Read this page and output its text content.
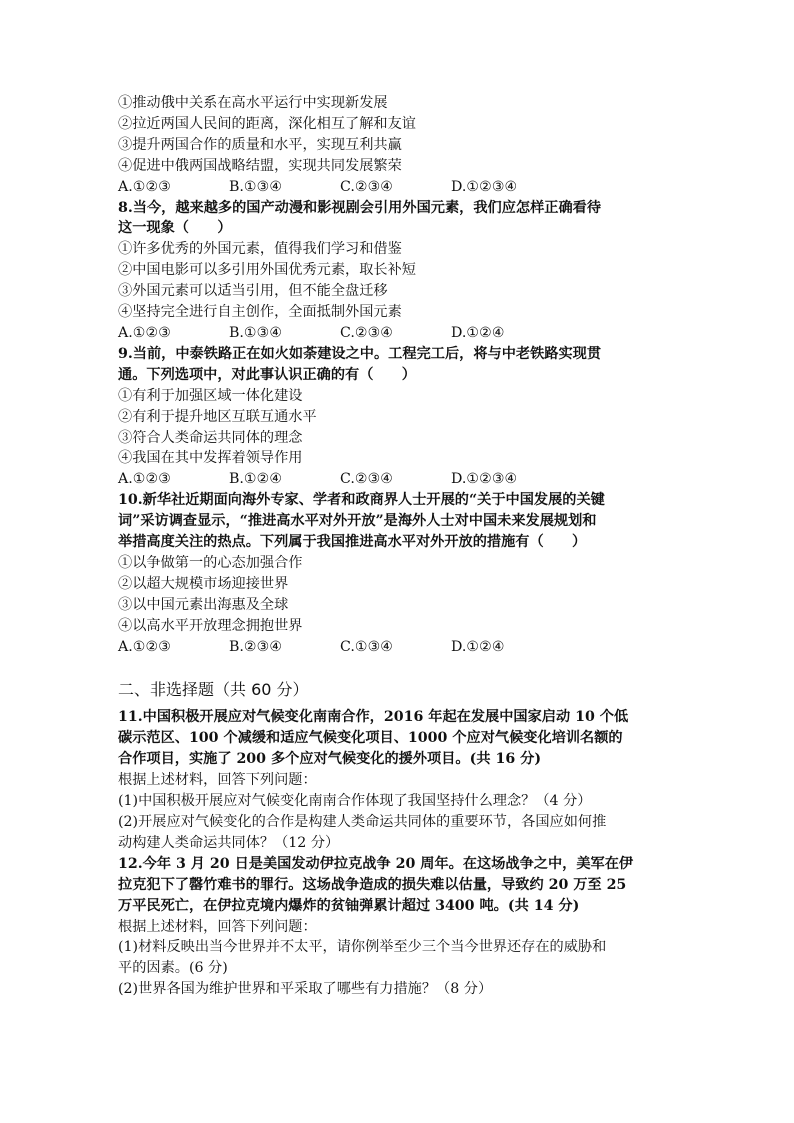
①推动俄中关系在高水平运行中实现新发展
②拉近两国人民间的距离，深化相互了解和友谊
③提升两国合作的质量和水平，实现互利共赢
④促进中俄两国战略结盟，实现共同发展繁荣
A.①②③	B.①③④	C.②③④	D.①②③④
8.当今，越来越多的国产动漫和影视剧会引用外国元素，我们应怎样正确看待
这一现象（　　）
①许多优秀的外国元素，值得我们学习和借鉴
②中国电影可以多引用外国优秀元素，取长补短
③外国元素可以适当引用，但不能全盘迁移
④坚持完全进行自主创作，全面抵制外国元素
A.①②③	B.①③④	C.②③④	D.①②④
9.当前，中泰铁路正在如火如荼建设之中。工程完工后，将与中老铁路实现贯
通。下列选项中，对此事认识正确的有（　　）
①有利于加强区域一体化建设
②有利于提升地区互联互通水平
③符合人类命运共同体的理念
④我国在其中发挥着领导作用
A.①②③	B.①②④	C.②③④	D.①②③④
10.新华社近期面向海外专家、学者和政商界人士开展的“关于中国发展的关键
词”采访调查显示，“推进高水平对外开放”是海外人士对中国未来发展规划和
举措高度关注的热点。下列属于我国推进高水平对外开放的措施有（　　）
①以争做第一的心态加强合作
②以超大规模市场迎接世界
③以中国元素出海惠及全球
④以高水平开放理念拥抱世界
A.①②③	B.②③④	C.①③④	D.①②④
二、非选择题（共 60 分）
11.中国积极开展应对气候变化南南合作，2016 年起在发展中国家启动 10 个低
碳示范区、100 个减缓和适应气候变化项目、1000 个应对气候变化培训名额的
合作项目，实施了 200 多个应对气候变化的援外项目。(共 16 分)
根据上述材料，回答下列问题：
(1)中国积极开展应对气候变化南南合作体现了我国坚持什么理念？（4 分）
(2)开展应对气候变化的合作是构建人类命运共同体的重要环节，各国应如何推
动构建人类命运共同体？（12 分）
12.今年 3 月 20 日是美国发动伊拉克战争 20 周年。在这场战争之中，美军在伊
拉克犯下了罄竹难书的罪行。这场战争造成的损失难以估量，导致约 20 万至 25
万平民死亡，在伊拉克境内爆炸的贫铀弹累计超过 3400 吨。(共 14 分)
根据上述材料，回答下列问题：
(1)材料反映出当今世界并不太平，请你例举至少三个当今世界还存在的威胁和
平的因素。(6 分)
(2)世界各国为维护世界和平采取了哪些有力措施？（8 分）
